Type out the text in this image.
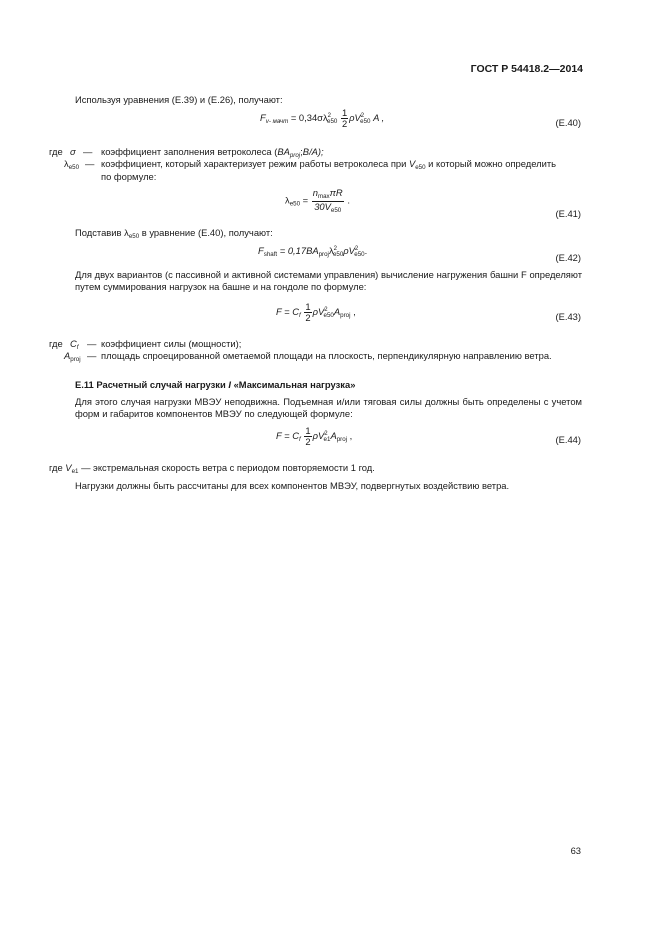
ГОСТ Р 54418.2—2014
Используя уравнения (Е.39) и (Е.26), получают:
$F_{v- мачт} = 0,34\sigma\lambda^2_{e50} \frac{1}{2} \rho V^2_{e50}$ A ,	(Е.40)
где σ — коэффициент заполнения ветроколеса $(BA_{proj};B/A)$;
$\lambda_{e50}$ — коэффициент, который характеризует режим работы ветроколеса при $V_{e50}$ и который можно определить
по формуле:
$\lambda_{e50} = \frac{n_{max}\pi R}{30V_{e50}}$ .
(Е.41)
Подставив $\lambda_{e50}$ в уравнение (Е.40), получают:
$F_{shaft} = 0,17BA_{proj}\lambda^2_{e50}\rho V^2_{e50}$.
(Е.42)
Для двух вариантов (с пассивной и активной системами управления) вычисление нагружения башни F определяют путем суммирования нагрузок на башне и на гондоле по формуле:
$F = C_f \frac{1}{2} \rho V^2_{e50}A_{proj}$ ,	(Е.43)
где $C_f$ — коэффициент силы (мощности);
$A_{proj}$ — площадь спроецированной ометаемой площади на плоскость, перпендикулярную направлению ветра.
Е.11 Расчетный случай нагрузки I «Максимальная нагрузка»
Для этого случая нагрузки МВЭУ неподвижна. Подъемная и/или тяговая силы должны быть определены с учетом форм и габаритов компонентов МВЭУ по следующей формуле:
$F = C_f \frac{1}{2} \rho V^2_{e1}A_{proj}$ ,	(Е.44)
где $V_{e1}$ — экстремальная скорость ветра с периодом повторяемости 1 год.
Нагрузки должны быть рассчитаны для всех компонентов МВЭУ, подвергнутых воздействию ветра.
63
